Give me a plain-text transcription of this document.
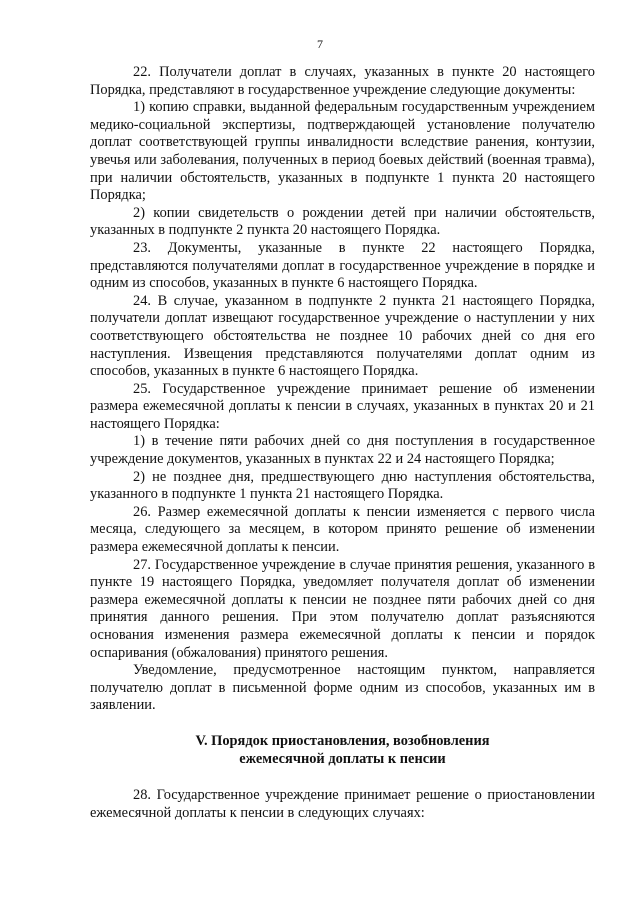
7

22. Получатели доплат в случаях, указанных в пункте 20 настоящего Порядка, представляют в государственное учреждение следующие документы:

1) копию справки, выданной федеральным государственным учреждением медико-социальной экспертизы, подтверждающей установление получателю доплат соответствующей группы инвалидности вследствие ранения, контузии, увечья или заболевания, полученных в период боевых действий (военная травма), при наличии обстоятельств, указанных в подпункте 1 пункта 20 настоящего Порядка;

2) копии свидетельств о рождении детей при наличии обстоятельств, указанных в подпункте 2 пункта 20 настоящего Порядка.

23. Документы, указанные в пункте 22 настоящего Порядка, представляются получателями доплат в государственное учреждение в порядке и одним из способов, указанных в пункте 6 настоящего Порядка.

24. В случае, указанном в подпункте 2 пункта 21 настоящего Порядка, получатели доплат извещают государственное учреждение о наступлении у них соответствующего обстоятельства не позднее 10 рабочих дней со дня его наступления. Извещения представляются получателями доплат одним из способов, указанных в пункте 6 настоящего Порядка.

25. Государственное учреждение принимает решение об изменении размера ежемесячной доплаты к пенсии в случаях, указанных в пунктах 20 и 21 настоящего Порядка:

1) в течение пяти рабочих дней со дня поступления в государственное учреждение документов, указанных в пунктах 22 и 24 настоящего Порядка;

2) не позднее дня, предшествующего дню наступления обстоятельства, указанного в подпункте 1 пункта 21 настоящего Порядка.

26. Размер ежемесячной доплаты к пенсии изменяется с первого числа месяца, следующего за месяцем, в котором принято решение об изменении размера ежемесячной доплаты к пенсии.

27. Государственное учреждение в случае принятия решения, указанного в пункте 19 настоящего Порядка, уведомляет получателя доплат об изменении размера ежемесячной доплаты к пенсии не позднее пяти рабочих дней со дня принятия данного решения. При этом получателю доплат разъясняются основания изменения размера ежемесячной доплаты к пенсии и порядок оспаривания (обжалования) принятого решения.

Уведомление, предусмотренное настоящим пунктом, направляется получателю доплат в письменной форме одним из способов, указанных им в заявлении.

V. Порядок приостановления, возобновления

ежемесячной доплаты к пенсии

28. Государственное учреждение принимает решение о приостановлении ежемесячной доплаты к пенсии в следующих случаях:
